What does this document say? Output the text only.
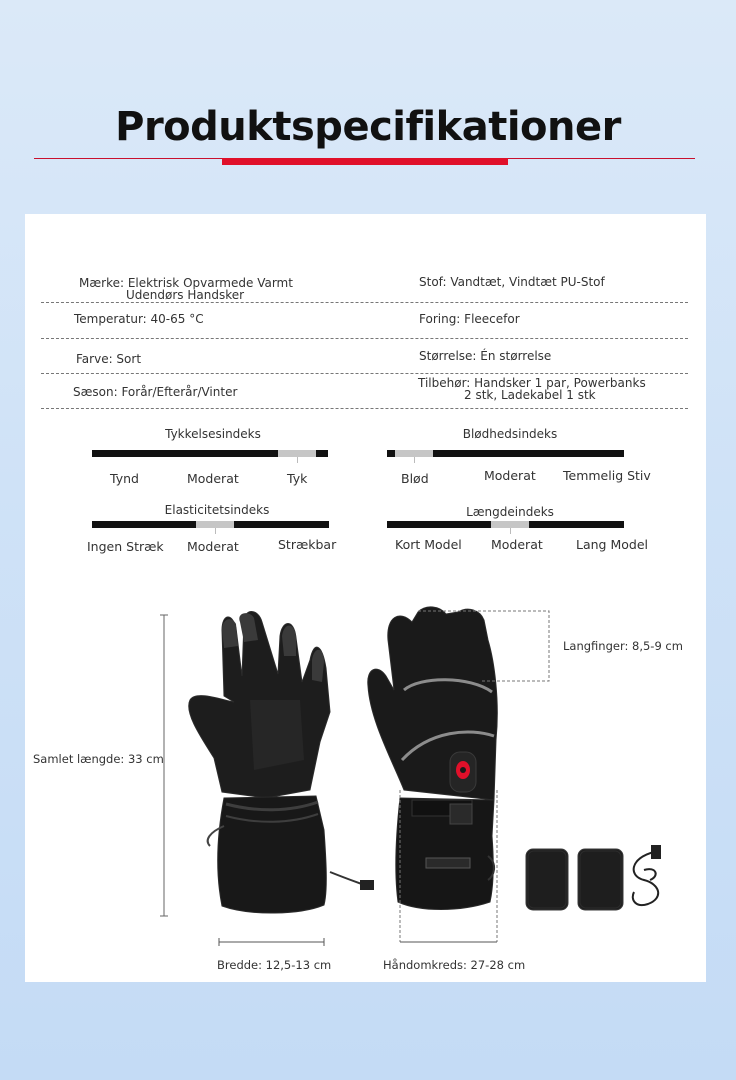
Produktspecifikationer
Mærke: Elektrisk Opvarmede Varmt
Udendørs Handsker
Stof: Vandtæt, Vindtæt PU-Stof
Temperatur: 40-65 °C	Foring: Fleecefor
Farve: Sort	Størrelse: Én størrelse
Sæson: Forår/Efterår/Vinter
Tilbehør: Handsker 1 par, Powerbanks
2 stk, Ladekabel 1 stk
Tykkelsesindeks
Tynd	Moderat	Tyk
Blødhedsindeks
Blød	Moderat Temmelig Stiv
Elasticitetsindeks
Ingen Stræk Moderat	Strækbar
Længdeindeks
Kort Model Moderat	Lang Model
Samlet længde: 33 cm
Langfinger: 8,5-9 cm
Bredde: 12,5-13 cm	Håndomkreds: 27-28 cm
